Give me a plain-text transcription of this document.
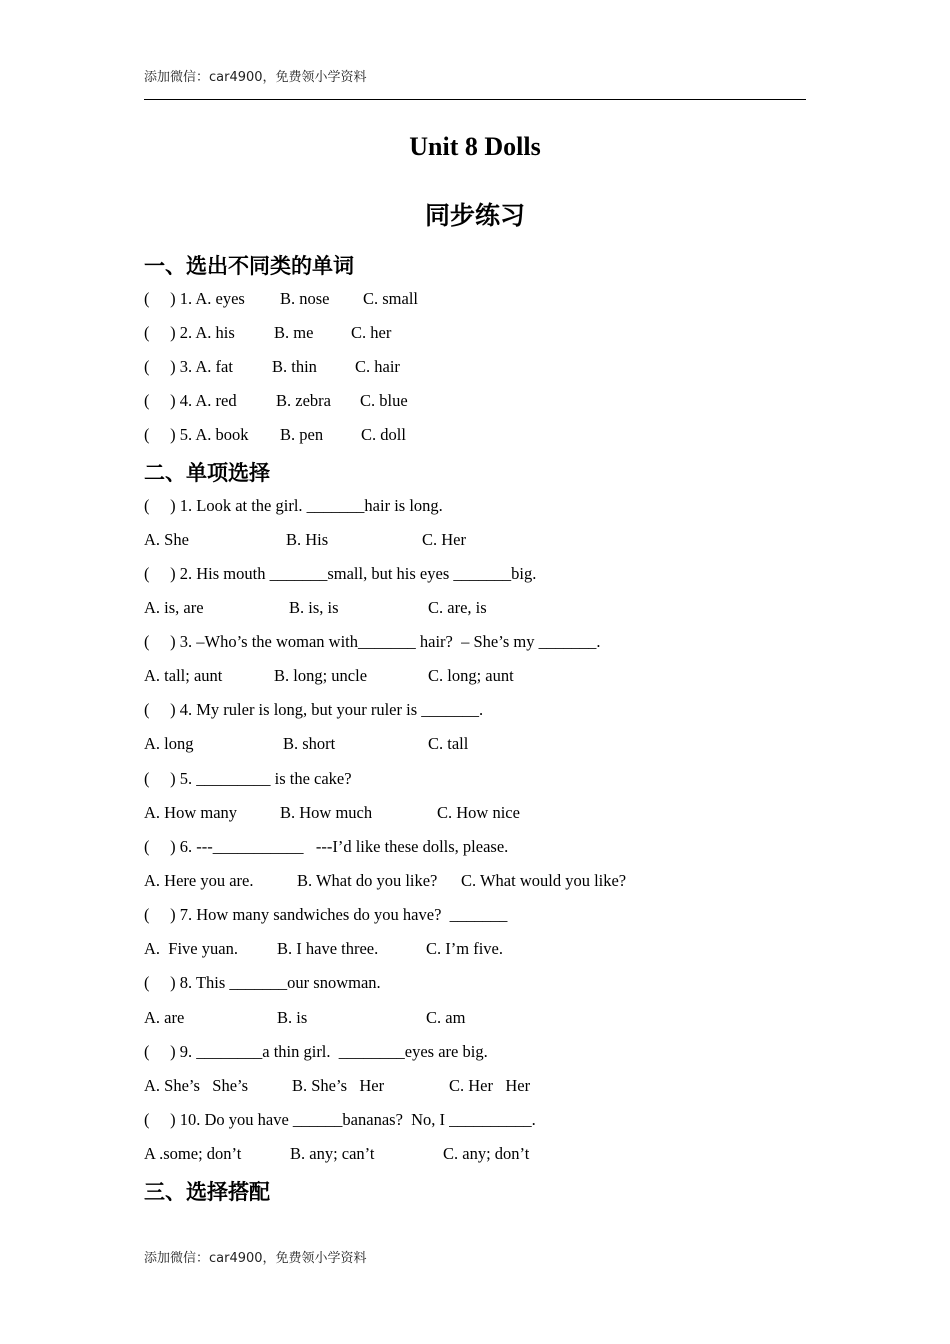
添加微信：car4900，免费领小学资料
Unit 8 Dolls
同步练习
一、选出不同类的单词
(     ) 1. A. eyes B. nose C. small
(     ) 2. A. his B. me C. her
(     ) 3. A. fat B. thin C. hair
(     ) 4. A. red B. zebra C. blue
(     ) 5. A. book B. pen C. doll
二、单项选择
(     ) 1. Look at the girl. _______hair is long.
A. She	B. His	C. Her
(     ) 2. His mouth _______small, but his eyes _______big.
A. is, are	B. is, is	C. are, is
(     ) 3. –Who’s the woman with_______ hair?  – She’s my _______.
A. tall; aunt	B. long; uncle	C. long; aunt
(     ) 4. My ruler is long, but your ruler is _______.
A. long	B. short	C. tall
(     ) 5. _________ is the cake?
A. How many	B. How much	C. How nice
(     ) 6. ---___________   ---I’d like these dolls, please.
A. Here you are.	B. What do you like? C. What would you like?
(     ) 7. How many sandwiches do you have?  _______
A.  Five yuan. B. I have three.	C. I’m five.
(     ) 8. This _______our snowman.
A. are	B. is	C. am
(     ) 9. ________a thin girl.  ________eyes are big.
A. She’s   She’s	B. She’s   Her	C. Her   Her
(     ) 10. Do you have ______bananas?  No, I __________.
A .some; don’t	B. any; can’t	C. any; don’t
三、选择搭配
添加微信：car4900，免费领小学资料
